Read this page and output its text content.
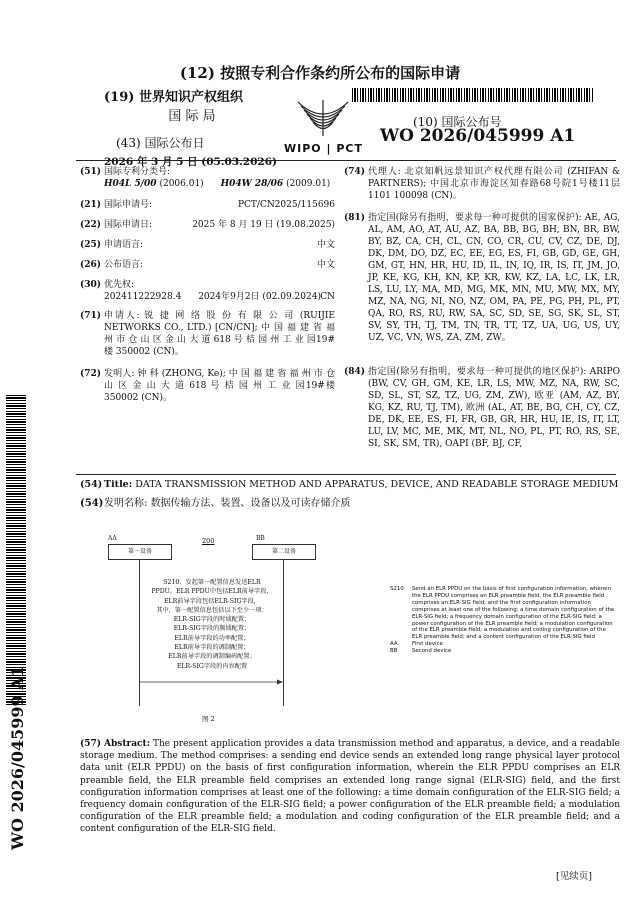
(12) 按照专利合作条约所公布的国际申请
(19) 世界知识产权组织
国 际 局
(43) 国际公布日
2026 年 3 月 5 日 (05.03.2026)
WIPO | PCT
(10) 国际公布号
WO 2026/045999 A1
(51) 国际专利分类号:
H04L 5/00 (2006.01) H04W 28/06 (2009.01)
(21) 国际申请号:	PCT/CN2025/115696
(22) 国际申请日:	2025 年 8 月 19 日 (19.08.2025)
(25) 申请语言:	中文
(26) 公布语言:	中文
(30) 优先权:
202411222928.4 2024年9月2日 (02.09.2024) CN
(71) 申请人: 锐 捷 网 络 股 份 有 限 公 司 (RUIJIE NETWORKS CO., LTD.) [CN/CN]; 中 国 福 建 省 福 州 市 仓 山 区 金 山 大 道 618 号 桔 园 州 工 业 园19#楼 350002 (CN)。
(72) 发明人: 钟 科 (ZHONG, Ke); 中 国 福 建 省 福 州 市 仓 山 区 金 山 大 道 618 号 桔 园 州 工 业 园19#楼 350002 (CN)。
(74) 代理人: 北京知帆远景知识产权代理有限公司 (ZHIFAN & PARTNERS); 中国北京市海淀区知春路68号院1号楼11层1101 100098 (CN)。
(81) 指定国(除另有指明，要求每一种可提供的国家保护): AE, AG, AL, AM, AO, AT, AU, AZ, BA, BB, BG, BH, BN, BR, BW, BY, BZ, CA, CH, CL, CN, CO, CR, CU, CV, CZ, DE, DJ, DK, DM, DO, DZ, EC, EE, EG, ES, FI, GB, GD, GE, GH, GM, GT, HN, HR, HU, ID, IL, IN, IQ, IR, IS, IT, JM, JO, JP, KE, KG, KH, KN, KP, KR, KW, KZ, LA, LC, LK, LR, LS, LU, LY, MA, MD, MG, MK, MN, MU, MW, MX, MY, MZ, NA, NG, NI, NO, NZ, OM, PA, PE, PG, PH, PL, PT, QA, RO, RS, RU, RW, SA, SC, SD, SE, SG, SK, SL, ST, SV, SY, TH, TJ, TM, TN, TR, TT, TZ, UA, UG, US, UY, UZ, VC, VN, WS, ZA, ZM, ZW。
(84) 指定国(除另有指明，要求每一种可提供的地区保护): ARIPO (BW, CV, GH, GM, KE, LR, LS, MW, MZ, NA, RW, SC, SD, SL, ST, SZ, TZ, UG, ZM, ZW), 欧亚 (AM, AZ, BY, KG, KZ, RU, TJ, TM), 欧洲 (AL, AT, BE, BG, CH, CY, CZ, DE, DK, EE, ES, FI, FR, GB, GR, HR, HU, IE, IS, IT, LT, LU, LV, MC, ME, MK, MT, NL, NO, PL, PT, RO, RS, SE, SI, SK, SM, TR), OAPI (BF, BJ, CF,
(54) Title: DATA TRANSMISSION METHOD AND APPARATUS, DEVICE, AND READABLE STORAGE MEDIUM
(54)发明名称: 数据传输方法、装置、设备以及可读存储介质
AA	200	BB
第一设备	第二设备
S210、发起第一配置信息发送ELR
PPDU，ELR PPDU中包括ELR前导字段，
ELR前导字段包括ELR-SIG字段，
其中，第一配置信息包括以下至少一项：
ELR-SIG字段的时域配置；
ELR-SIG字段的频域配置；
ELR前导字段的功率配置；
ELR前导字段的调制配置；
ELR前导字段的调制编码配置；
ELR-SIG字段的内容配置
图 2
S210 Send an ELR PPDU on the basis of first configuration information, wherein the ELR PPDU comprises an ELR preamble field, the ELR preamble field comprises an ELR-SIG field; and the first configuration information comprises at least one of the following: a time domain configuration of the ELR-SIG field; a frequency domain configuration of the ELR-SIG field; a power configuration of the ELR preamble field; a modulation configuration of the ELR preamble field; a modulation and coding configuration of the ELR preamble field; and a content configuration of the ELR-SIG field
AA	First device
BB	Second device
(57) Abstract: The present application provides a data transmission method and apparatus, a device, and a readable storage medium. The method comprises: a sending end device sends an extended long range physical layer protocol data unit (ELR PPDU) on the basis of first configuration information, wherein the ELR PPDU comprises an ELR preamble field, the ELR preamble field comprises an extended long range signal (ELR-SIG) field, and the first configuration information comprises at least one of the following: a time domain configuration of the ELR-SIG field; a frequency domain configuration of the ELR-SIG field; a power configuration of the ELR preamble field; a modulation configuration of the ELR preamble field; a modulation and coding configuration of the ELR preamble field; and a content configuration of the ELR-SIG field.
WO 2026/045999 A1
[见续页]
